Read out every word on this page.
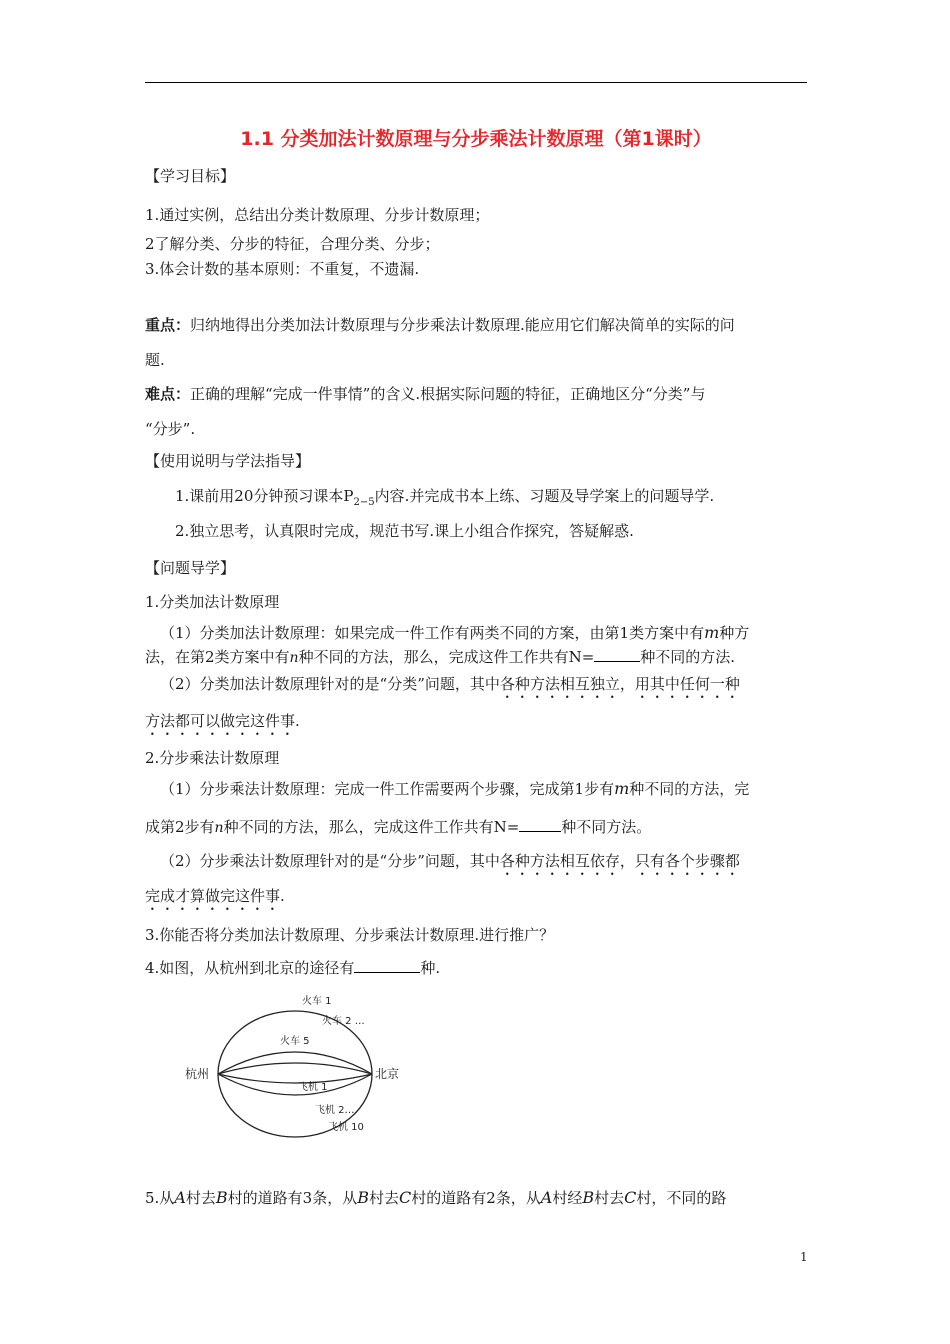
1.1 分类加法计数原理与分步乘法计数原理（第1课时）
【学习目标】
1.通过实例，总结出分类计数原理、分步计数原理；
2了解分类、分步的特征，合理分类、分步；
3.体会计数的基本原则：不重复，不遗漏.
重点：归纳地得出分类加法计数原理与分步乘法计数原理.能应用它们解决简单的实际的问
题.
难点：正确的理解“完成一件事情”的含义.根据实际问题的特征，正确地区分“分类”与
“分步”.
【使用说明与学法指导】
1.课前用20分钟预习课本$P_{2-5}$内容.并完成书本上练、习题及导学案上的问题导学.
2.独立思考，认真限时完成，规范书写.课上小组合作探究，答疑解惑.
【问题导学】
1.分类加法计数原理
（1）分类加法计数原理：如果完成一件工作有两类不同的方案，由第1类方案中有m种方
法，在第2类方案中有n种不同的方法，那么，完成这件工作共有N=	种不同的方法.
（2）分类加法计数原理针对的是“分类”问题，其中各种方法相互独立，用其中任何一种
方法都可以做完这件事.
2.分步乘法计数原理
（1）分步乘法计数原理：完成一件工作需要两个步骤，完成第1步有m种不同的方法，完
成第2步有n种不同的方法，那么，完成这件工作共有N=	种不同方法。
（2）分步乘法计数原理针对的是“分步”问题，其中各种方法相互依存，只有各个步骤都
完成才算做完这件事.
3.你能否将分类加法计数原理、分步乘法计数原理.进行推广？
4.如图，从杭州到北京的途径有	种.
杭州	北京
火车 1
火车 2 …
火车 5
飞机 1
飞机 2…
飞机 10
5.从A村去B村的道路有3条，从B村去C村的道路有2条，从A村经B村去C村，不同的路
1
